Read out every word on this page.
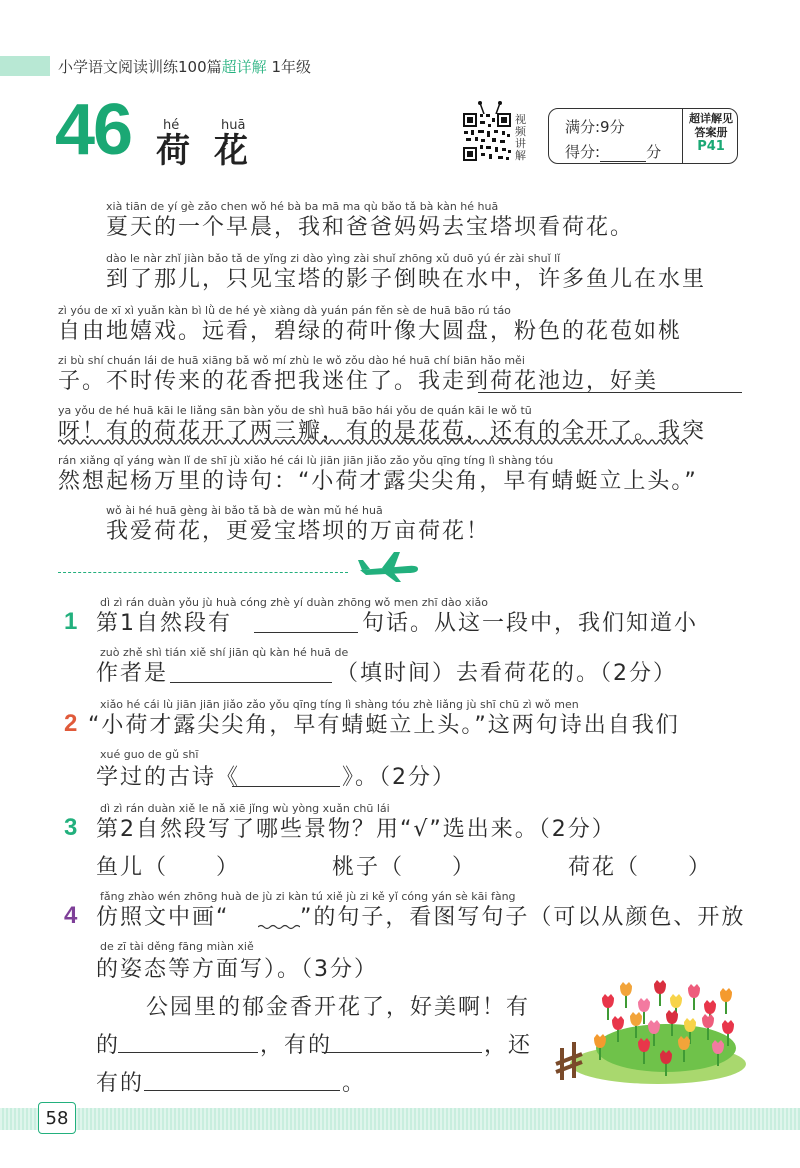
小学语文阅读训练100篇超详解 1年级
46 hé	huā
荷 花
视
频
讲
解
满分:9分
得分:	分
超详解见
答案册
P41
xià tiān de yí gè zǎo chen wǒ hé bà ba mā ma qù bǎo tǎ bà kàn hé huā
夏天的一个早晨，我和爸爸妈妈去宝塔坝看荷花。
dào le nàr zhǐ jiàn bǎo tǎ de yǐng zi dào yìng zài shuǐ zhōng xǔ duō yú ér zài shuǐ lǐ
到了那儿，只见宝塔的影子倒映在水中，许多鱼儿在水里
zì yóu de xī xì yuǎn kàn bì lǜ de hé yè xiàng dà yuán pán fěn sè de huā bāo rú táo
自由地嬉戏。远看，碧绿的荷叶像大圆盘，粉色的花苞如桃
zi bù shí chuán lái de huā xiāng bǎ wǒ mí zhù le wǒ zǒu dào hé huā chí biān hǎo měi
子。不时传来的花香把我迷住了。我走到荷花池边，好美
ya yǒu de hé huā kāi le liǎng sān bàn yǒu de shì huā bāo hái yǒu de quán kāi le wǒ tū
呀！有的荷花开了两三瓣，有的是花苞，还有的全开了。我突
rán xiǎng qǐ yáng wàn lǐ de shī jù xiǎo hé cái lù jiān jiān jiǎo zǎo yǒu qīng tíng lì shàng tóu
然想起杨万里的诗句：“小荷才露尖尖角，早有蜻蜓立上头。”
wǒ ài hé huā gèng ài bǎo tǎ bà de wàn mǔ hé huā
我爱荷花，更爱宝塔坝的万亩荷花！
1
dì zì rán duàn yǒu jù huà cóng zhè yí duàn zhōng wǒ men zhī dào xiǎo
第1自然段有	句话。从这一段中，我们知道小
zuò zhě shì tián xiě shí jiān qù kàn hé huā de
作者是	（填时间）去看荷花的。（2分）
2
xiǎo hé cái lù jiān jiān jiǎo zǎo yǒu qīng tíng lì shàng tóu zhè liǎng jù shī chū zì wǒ men
“小荷才露尖尖角，早有蜻蜓立上头。”这两句诗出自我们
xué guo de gǔ shī
学过的古诗《	》。（2分）
3
dì zì rán duàn xiě le nǎ xiē jǐng wù yòng xuǎn chū lái
第2自然段写了哪些景物？用“√”选出来。（2分）
鱼儿（　　）	桃子（　　）	荷花（　　）
4
fǎng zhào wén zhōng huà de jù zi kàn tú xiě jù zi kě yǐ cóng yán sè kāi fàng
仿照文中画“	”的句子，看图写句子（可以从颜色、开放
de zī tài děng fāng miàn xiě
的姿态等方面写）。（3分）
公园里的郁金香开花了，好美啊！有
的	，有的	，还
有的	。
58
